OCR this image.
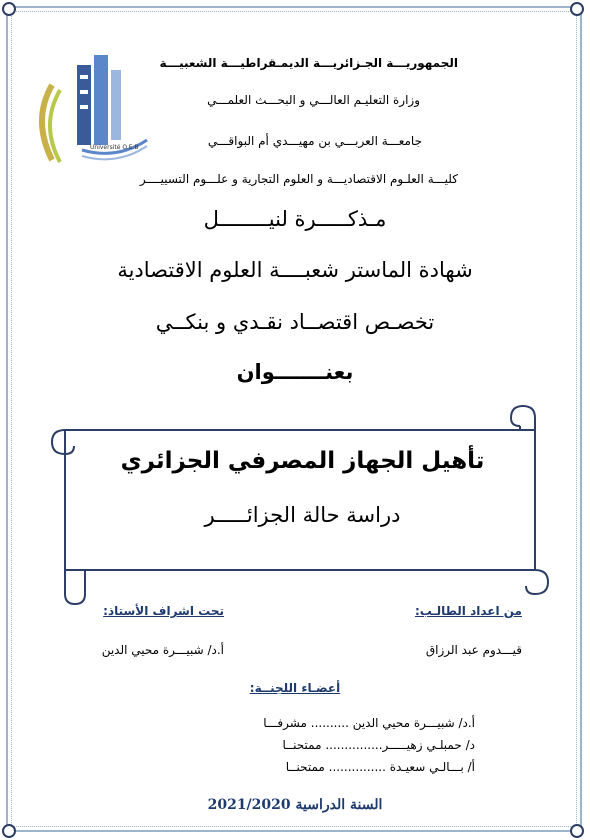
Université O.E.B
الجمهوريـــة الجـزائريـــة الديمـقراطيـــة الشعبيـــة
وزارة التعليـم العالـــي و البحـــث العلمـــي
جامعـــة العربـــي بن مهيـــدي أم البواقـــي
كليـــة العلـوم الاقتصاديـــة و العلوم التجارية و علـــوم التسييــــر
مـذكـــــرة لنيــــــــل
شهادة الماستر شعبــــة العلوم الاقتصادية
تخصـص اقتصــاد نقـدي و بنكــي
بعنـــــــوان
تأهيل الجهاز المصرفي الجزائري
دراسة حالة الجزائـــــر
من اعداد الطالـب:
قيـــدوم عبد الرزاق
تحت اشراف الأستاذ:
أ.د/ شبيـــرة محيي الدين
أعضـاء اللجنــة:
أ.د/ شبيـــرة محيي الدين .......... مشرفـــا
د/ حمبلـي زهيـــــر............... ممتحنــا
أ/ بـــالـي سعيـدة ............... ممتحنــا
السنة الدراسية 2021/2020
